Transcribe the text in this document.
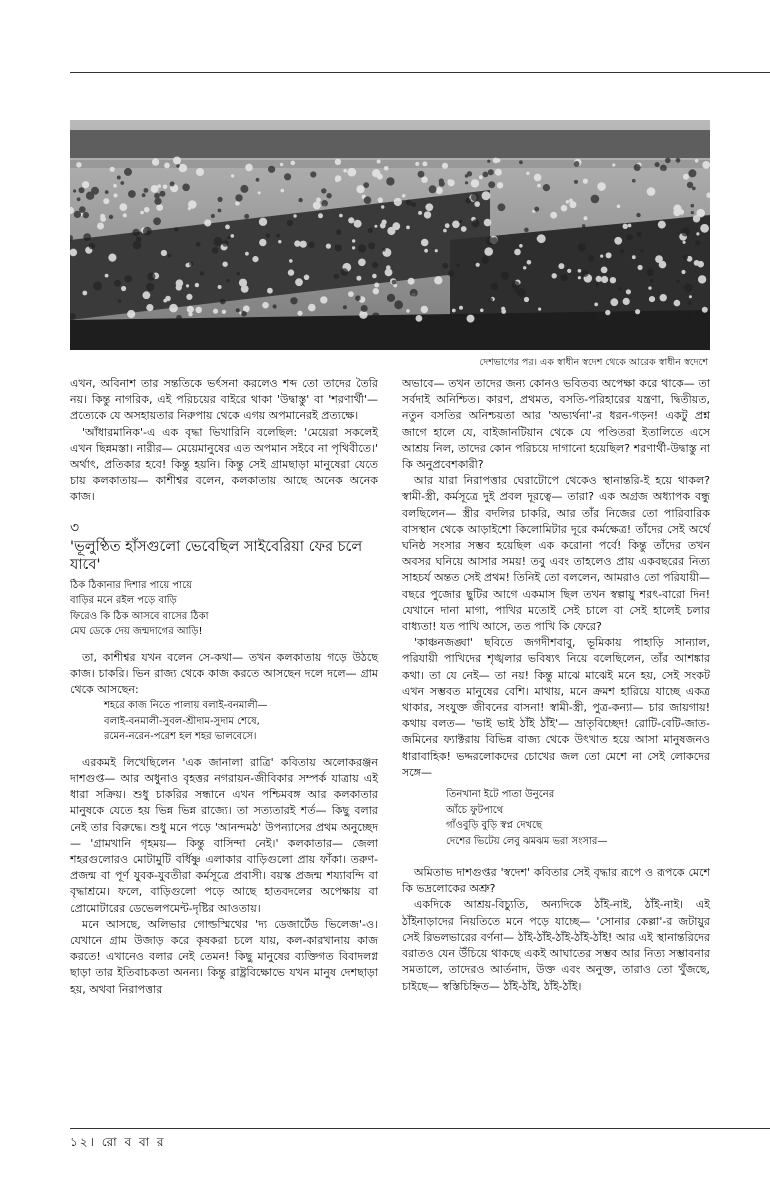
দেশভাগের পর। এক স্বাধীন স্বদেশ থেকে আরেক স্বাধীন স্বদেশে

এখন, অবিনাশ তার সন্ততিকে ভর্ৎসনা করলেও শব্দ তো তাদের তৈরি নয়। কিন্তু নাগরিক, এই পরিচয়ের বাইরে থাকা 'উদ্বাস্তু' বা 'শরণার্থী'— প্রত্যেকে যে অসহায়তার নিরুপায় থেকে এগয় অপমানেরই প্রত্যক্ষে।

'আঁধারমানিক'-এ এক বৃদ্ধা ভিখারিনি বলেছিল: 'মেয়েরা সকলেই এখন ছিন্নমস্তা। নারীর— মেয়েমানুষের এত অপমান সইবে না পৃথিবীতে।' অর্থাৎ, প্রতিকার হবে! কিন্তু হয়নি। কিন্তু সেই গ্রামছাড়া মানুষেরা যেতে চায় কলকাতায়— কাশীশ্বর বলেন, কলকাতায় আছে অনেক অনেক কাজ।

৩
'ভূলুণ্ঠিত হাঁসগুলো ভেবেছিল সাইবেরিয়া ফের চলে যাবে'
ঠিক ঠিকানার দিশার পায়ে পায়ে
বাড়ির মনে রইল পড়ে বাড়ি
ফিরেও কি ঠিক আসবে বাসের ঠিকা
মেঘ ডেকে দেয় জন্মদাগের আড়ি!

তা, কাশীশ্বর যখন বলেন সে-কথা— তখন কলকাতায় গড়ে উঠছে কাজ। চাকরি। ভিন রাজ্য থেকে কাজ করতে আসছেন দলে দলে— গ্রাম থেকে আসছেন:

শহরে কাজ নিতে পালায় বলাই-বনমালী—
বলাই-বনমালী-সুবল-শ্রীদাম-সুদাম শেষে,
রমেন-নরেন-পরেশ হল শহর ভালবেসে।

এরকমই লিখেছিলেন 'এক জানালা রাত্রি' কবিতায় অলোকরঞ্জন দাশগুপ্ত— আর অধুনাও বৃহত্তর নগরায়ন-জীবিকার সম্পর্ক যাত্রায় এই ধারা সক্রিয়। শুধু চাকরির সন্ধানে এখন পশ্চিমবঙ্গ আর কলকাতার মানুষকে যেতে হয় ভিন্ন ভিন্ন রাজ্যে। তা সত্যতারই শর্ত— কিছু বলার নেই তার বিরুদ্ধে। শুধু মনে পড়ে 'আনন্দমঠ' উপন্যাসের প্রথম অনুচ্ছেদ— 'গ্রামখানি গৃহময়— কিন্তু বাসিন্দা নেই।' কলকাতার— জেলা শহরগুলোরও মোটামুটি বর্ধিষ্ণু এলাকার বাড়িগুলো প্রায় ফাঁকা। তরুণ-প্রজন্ম বা পূর্ণ যুবক-যুবতীরা কর্মসূত্রে প্রবাসী। বয়স্ক প্রজন্ম শয্যাবন্দি বা বৃদ্ধাশ্রমে। ফলে, বাড়িগুলো পড়ে আছে হাতবদলের অপেক্ষায় বা প্রোমোটারের ডেভেলপমেন্ট-দৃষ্টির আওতায়।

মনে আসছে, অলিভার গোল্ডস্মিথের 'দ্য ডেজার্টেড ভিলেজ'-ও। যেখানে গ্রাম উজাড় করে কৃষকরা চলে যায়, কল-কারখানায় কাজ করতে! এখানেও বলার নেই তেমন! কিছু মানুষের ব্যক্তিগত বিবাদলগ্ন ছাড়া তার ইতিবাচকতা অনন্য। কিন্তু রাষ্ট্রবিক্ষোভে যখন মানুষ দেশছাড়া হয়, অথবা নিরাপত্তার

অভাবে— তখন তাদের জন্য কোনও ভবিতব্য অপেক্ষা করে থাকে— তা সর্বদাই অনিশ্চিত। কারণ, প্রথমত, বসতি-পরিহারের যন্ত্রণা, দ্বিতীয়ত, নতুন বসতির অনিশ্চয়তা আর 'অভ্যর্থনা'-র ধরন-গড়ন! একটু প্রশ্ন জাগে হালে যে, বাইজানটিয়ান থেকে যে পণ্ডিতরা ইতালিতে এসে আশ্রয় নিল, তাদের কোন পরিচয়ে দাগানো হয়েছিল? শরণার্থী-উদ্বাস্তু না কি অনুপ্রবেশকারী?

আর যারা নিরাপত্তার ঘেরাটোপে থেকেও স্থানান্তরি-ই হয়ে থাকল? স্বামী-স্ত্রী, কর্মসূত্রে দুই প্রবল দূরত্বে— তারা? এক অগ্রজ অধ্যাপক বন্ধু বলছিলেন— স্ত্রীর বদলির চাকরি, আর তাঁর নিজের তো পারিবারিক বাসস্থান থেকে আড়াইশো কিলোমিটার দূরে কর্মক্ষেত্র! তাঁদের সেই অর্থে ঘনিষ্ঠ সংসার সম্ভব হয়েছিল এক করোনা পর্বে! কিন্তু তাঁদের তখন অবসর ঘনিয়ে আসার সময়! তবু এবং তাহলেও প্রায় একবছরের নিত্য সাহচর্য অন্তত সেই প্রথম! তিনিই তো বললেন, আমরাও তো পরিযায়ী— বছরে পুজোর ছুটির আগে একমাস ছিল তখন স্বল্পায়ু শরৎ-বারো দিন! যেখানে দানা মাগা, পাখির মতোই সেই চালে বা সেই হালেই চলার বাধ্যতা! যত পাখি আসে, তত পাখি কি ফেরে?

'কাঞ্চনজঙ্ঘা' ছবিতে জগদীশবাবু, ভূমিকায় পাহাড়ি সান্যাল, পরিযায়ী পাখিদের শৃঙ্খলার ভবিষ্যৎ নিয়ে বলেছিলেন, তাঁর আশঙ্কার কথা। তা যে নেই— তা নয়! কিন্তু মাঝে মাঝেই মনে হয়, সেই সংকট এখন সম্ভবত মানুষের বেশি। মাথায়, মনে ক্রমশ হারিয়ে যাচ্ছে একত্র থাকার, সংযুক্ত জীবনের বাসনা! স্বামী-স্ত্রী, পুত্র-কন্যা— চার জায়গায়! কথায় বলত— 'ভাই ভাই ঠাঁই ঠাঁই'— ভ্রাতৃবিচ্ছেদ! রোটি-বেটি-জাত-জমিনের ফ্যাক্টরায় বিভিন্ন বাজ্য থেকে উৎখাত হয়ে আসা মানুষজনও ধারাবাহিক! ভদ্দরলোকদের চোখের জল তো মেশে না সেই লোকদের সঙ্গে—

তিনখানা ইটে পাতা উনুনের
আঁচে ফুটপাথে
গাঁওবুড়ি বুড়ি স্বপ্ন দেখছে
দেশের ভিটেয় লেবু ঝমঝম ভরা সংসার—

অমিতাভ দাশগুপ্তর 'স্বদেশ' কবিতার সেই বৃদ্ধার রূপে ও রূপকে মেশে কি ভদ্রলোকের অশ্রু?

একদিকে আশ্রয়-বিচ্যুতি, অন্যদিকে ঠাঁই-নাই, ঠাঁই-নাই। এই ঠাঁইনাড়াদের নিয়তিতে মনে পড়ে যাচ্ছে— 'সোনার কেল্লা'-র জটায়ুর সেই রিভলভারের বর্ণনা— ঠাঁই-ঠাঁই-ঠাঁই-ঠাঁই-ঠাঁই! আর এই স্থানান্তরিদের বরাতও যেন উঁচিয়ে থাকছে একই আঘাতের সম্ভব আর নিত্য সম্ভাবনার সমতালে, তাদেরও আর্তনাদ, উক্ত এবং অনুক্ত, তারাও তো খুঁজছে, চাইছে— স্বস্তিচিহ্নিত— ঠাঁই-ঠাঁই, ঠাঁই-ঠাঁই।

১২। রো ব বা র
